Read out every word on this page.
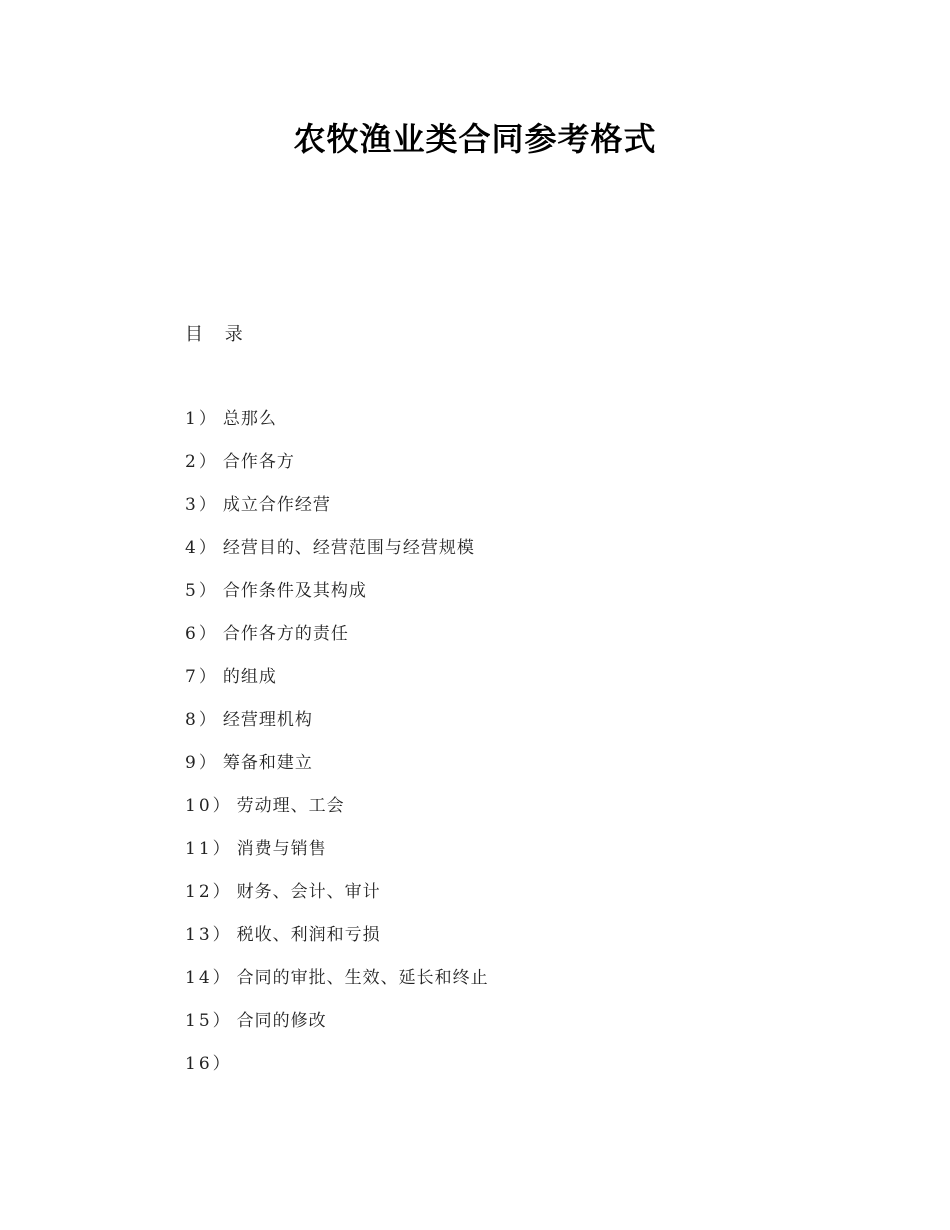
农牧渔业类合同参考格式

目 录

1） 总那么
2） 合作各方
3） 成立合作经营
4） 经营目的、经营范围与经营规模
5） 合作条件及其构成
6） 合作各方的责任
7） 的组成
8） 经营理机构
9） 筹备和建立
10） 劳动理、工会
11） 消费与销售
12） 财务、会计、审计
13） 税收、利润和亏损
14） 合同的审批、生效、延长和终止
15） 合同的修改
16）
